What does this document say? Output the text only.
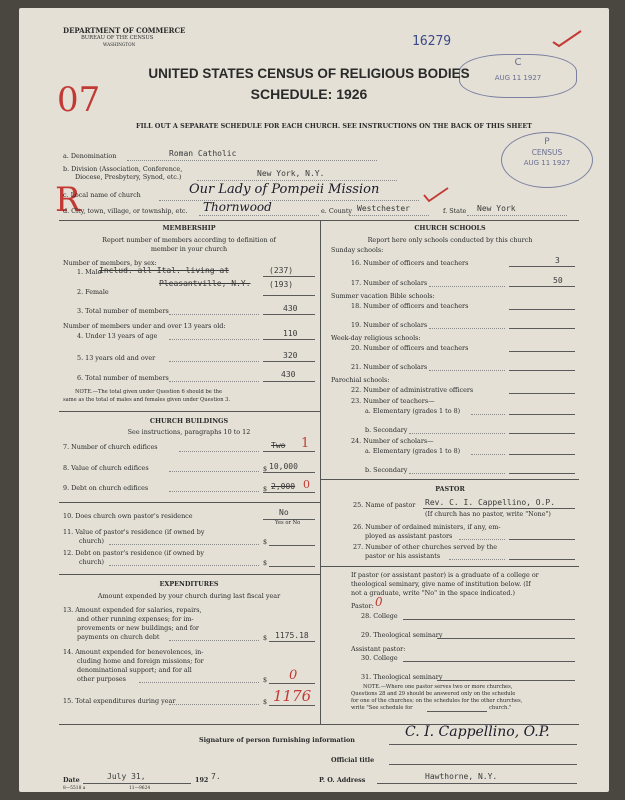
DEPARTMENT OF COMMERCE
BUREAU OF THE CENSUS
WASHINGTON	16279
C
AUG 11 1927
UNITED STATES CENSUS OF RELIGIOUS BODIES
SCHEDULE: 1926
07
FILL OUT A SEPARATE SCHEDULE FOR EACH CHURCH. SEE INSTRUCTIONS ON THE BACK OF THIS SHEET
P
CENSUS
AUG 11 1927
a. Denomination	Roman Catholic
b. Division (Association, Conference,
Diocese, Presbytery, Synod, etc.)	New York, N.Y.
R
c. Local name of church	Our Lady of Pompeii Mission
d. City, town, village, or township, etc. Thornwood	e. County Westchester	f. State New York
MEMBERSHIP
Report number of members according to definition of
member in your church
Number of members, by sex:
1. Male
Includ. all Ital. living at	(237)
2. Female
Pleasantville, N.Y. (193)
3. Total number of members	430
Number of members under and over 13 years old:
4. Under 13 years of age	110
5. 13 years old and over	320
6. Total number of members	430
NOTE.—The total given under Question 6 should be the
same as the total of males and females given under Question 3.
CHURCH BUILDINGS
See instructions, paragraphs 10 to 12
7. Number of church edifices	Two 1
8. Value of church edifices	$ 10,000
9. Debt on church edifices	$ 2,000 0
10. Does church own pastor's residence	No
Yes or No
11. Value of pastor's residence (if owned by
church)	$
12. Debt on pastor's residence (if owned by
church)	$
EXPENDITURES
Amount expended by your church during last fiscal year
13. Amount expended for salaries, repairs,
and other running expenses; for im-
provements or new buildings; and for
payments on church debt	$ 1175.18
14. Amount expended for benevolences, in-
cluding home and foreign missions; for
denominational support; and for all
other purposes	$ 0
15. Total expenditures during year	$ 1176
CHURCH SCHOOLS
Report here only schools conducted by this church
Sunday schools:
16. Number of officers and teachers	3
17. Number of scholars	50
Summer vacation Bible schools:
18. Number of officers and teachers
19. Number of scholars
Week-day religious schools:
20. Number of officers and teachers
21. Number of scholars
Parochial schools:
22. Number of administrative officers
23. Number of teachers—
a. Elementary (grades 1 to 8)
b. Secondary
24. Number of scholars—
a. Elementary (grades 1 to 8)
b. Secondary
PASTOR
25. Name of pastor Rev. C. I. Cappellino, O.P.
(If church has no pastor, write "None")
26. Number of ordained ministers, if any, em-
ployed as assistant pastors
27. Number of other churches served by the
pastor or his assistants
If pastor (or assistant pastor) is a graduate of a college or
theological seminary, give name of institution below. (If
not a graduate, write "No" in the space indicated.)
Pastor: 0
28. College
29. Theological seminary
Assistant pastor:
30. College
31. Theological seminary
NOTE.—Where one pastor serves two or more churches,
Questions 28 and 29 should be answered only on the schedule
for one of the churches; on the schedules for the other churches,
write "See schedule for	church."
Signature of person furnishing information	C. I. Cappellino, O.P.
Official title
Date	July 31,	192 7.	P. O. Address	Hawthorne, N.Y.
8—5518 a	11—9624
